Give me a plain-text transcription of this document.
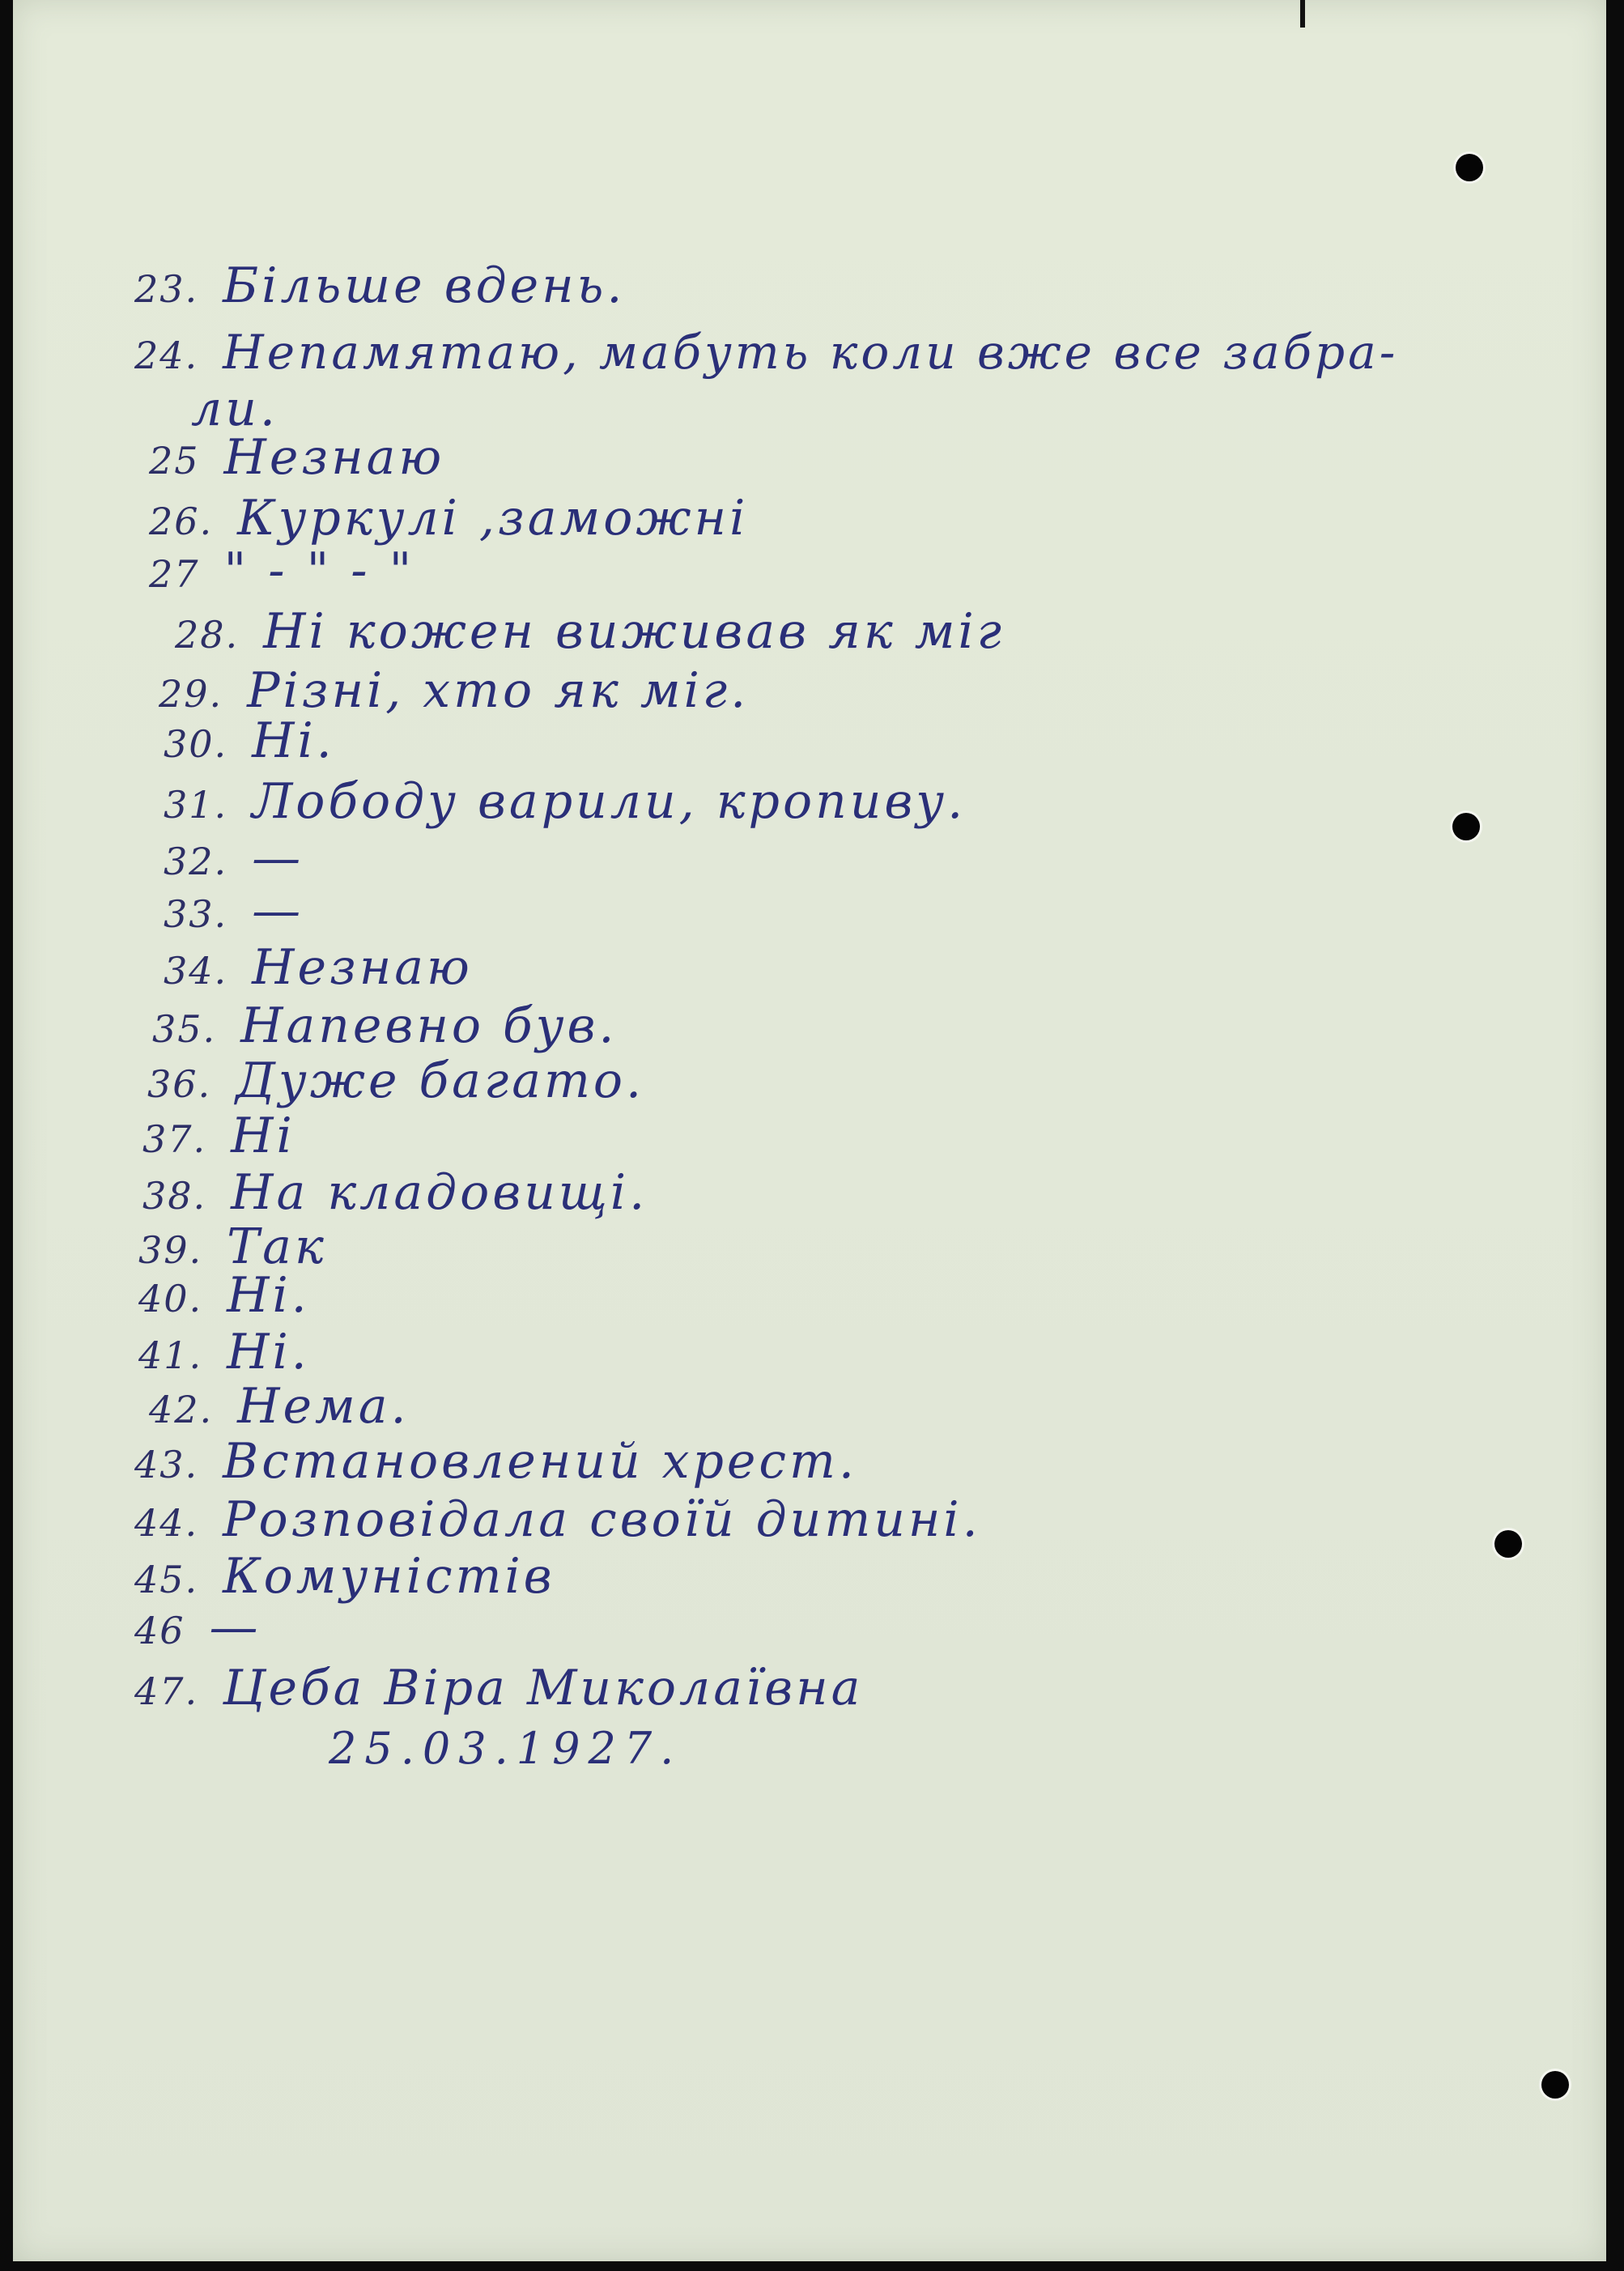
23. Більше вдень.
24. Непамятаю, мабуть коли вже все забра-
ли.
25 Незнаю
26. Куркулі ,заможні
27 " - " - "
28. Ні кожен виживав як міг
29. Різні, хто як міг.
30. Ні.
31. Лободу варили, кропиву.
32. —
33. —
34. Незнаю
35. Напевно був.
36. Дуже багато.
37. Ні
38. На кладовищі.
39. Так
40. Ні.
41. Ні.
42. Нема.
43. Встановлений хрест.
44. Розповідала своїй дитині.
45. Комуністів
46 —
47. Цеба Віра Миколаївна
25.03.1927.
